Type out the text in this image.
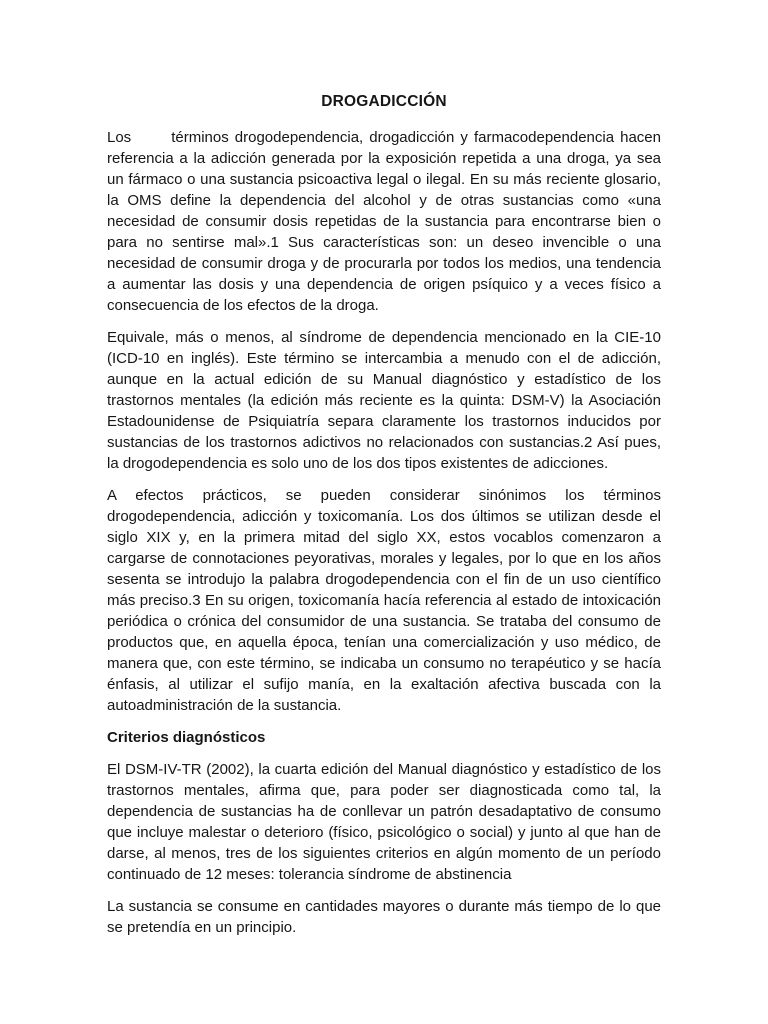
DROGADICCIÓN

Los	términos drogodependencia, drogadicción y farmacodependencia hacen referencia a la adicción generada por la exposición repetida a una droga, ya sea un fármaco o una sustancia psicoactiva legal o ilegal. En su más reciente glosario, la OMS define la dependencia del alcohol y de otras sustancias como «una necesidad de consumir dosis repetidas de la sustancia para encontrarse bien o para no sentirse mal».1 Sus características son: un deseo invencible o una necesidad de consumir droga y de procurarla por todos los medios, una tendencia a aumentar las dosis y una dependencia de origen psíquico y a veces físico a consecuencia de los efectos de la droga.

Equivale, más o menos, al síndrome de dependencia mencionado en la CIE-10 (ICD-10 en inglés). Este término se intercambia a menudo con el de adicción, aunque en la actual edición de su Manual diagnóstico y estadístico de los trastornos mentales (la edición más reciente es la quinta: DSM-V) la Asociación Estadounidense de Psiquiatría separa claramente los trastornos inducidos por sustancias de los trastornos adictivos no relacionados con sustancias.2 Así pues, la drogodependencia es solo uno de los dos tipos existentes de adicciones.

A efectos prácticos, se pueden considerar sinónimos los términos drogodependencia, adicción y toxicomanía. Los dos últimos se utilizan desde el siglo XIX y, en la primera mitad del siglo XX, estos vocablos comenzaron a cargarse de connotaciones peyorativas, morales y legales, por lo que en los años sesenta se introdujo la palabra drogodependencia con el fin de un uso científico más preciso.3 En su origen, toxicomanía hacía referencia al estado de intoxicación periódica o crónica del consumidor de una sustancia. Se trataba del consumo de productos que, en aquella época, tenían una comercialización y uso médico, de manera que, con este término, se indicaba un consumo no terapéutico y se hacía énfasis, al utilizar el sufijo manía, en la exaltación afectiva buscada con la autoadministración de la sustancia.

Criterios diagnósticos

El DSM-IV-TR (2002), la cuarta edición del Manual diagnóstico y estadístico de los trastornos mentales, afirma que, para poder ser diagnosticada como tal, la dependencia de sustancias ha de conllevar un patrón desadaptativo de consumo que incluye malestar o deterioro (físico, psicológico o social) y junto al que han de darse, al menos, tres de los siguientes criterios en algún momento de un período continuado de 12 meses: tolerancia síndrome de abstinencia

La sustancia se consume en cantidades mayores o durante más tiempo de lo que se pretendía en un principio.
